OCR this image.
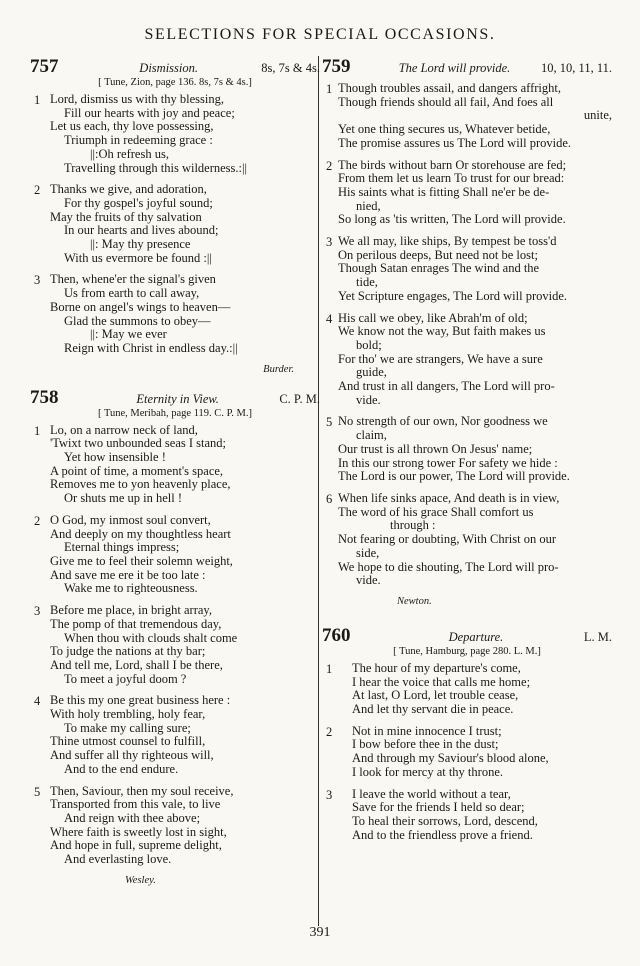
SELECTIONS FOR SPECIAL OCCASIONS.
757	Dismission.	8s, 7s & 4s.
[ Tune, Zion, page 136. 8s, 7s & 4s.]
1 Lord, dismiss us with thy blessing,
Fill our hearts with joy and peace;
Let us each, thy love possessing,
Triumph in redeeming grace :
||:Oh refresh us,
Travelling through this wilderness.:||
2 Thanks we give, and adoration,
For thy gospel's joyful sound;
May the fruits of thy salvation
In our hearts and lives abound;
||: May thy presence
With us evermore be found :||
3 Then, whene'er the signal's given
Us from earth to call away,
Borne on angel's wings to heaven—
Glad the summons to obey—
||: May we ever
Reign with Christ in endless day.:||
Burder.
758	Eternity in View.	C. P. M.
[ Tune, Meribah, page 119. C. P. M.]
1 Lo, on a narrow neck of land,
'Twixt two unbounded seas I stand;
Yet how insensible !
A point of time, a moment's space,
Removes me to yon heavenly place,
Or shuts me up in hell !
2 O God, my inmost soul convert,
And deeply on my thoughtless heart
Eternal things impress;
Give me to feel their solemn weight,
And save me ere it be too late :
Wake me to righteousness.
3 Before me place, in bright array,
The pomp of that tremendous day,
When thou with clouds shalt come
To judge the nations at thy bar;
And tell me, Lord, shall I be there,
To meet a joyful doom ?
4 Be this my one great business here :
With holy trembling, holy fear,
To make my calling sure;
Thine utmost counsel to fulfill,
And suffer all thy righteous will,
And to the end endure.
5 Then, Saviour, then my soul receive,
Transported from this vale, to live
And reign with thee above;
Where faith is sweetly lost in sight,
And hope in full, supreme delight,
And everlasting love.
Wesley.
759	The Lord will provide.	10, 10, 11, 11.
1 Though troubles assail, and dangers affright,
Though friends should all fail, And foes all
unite,
Yet one thing secures us, Whatever betide,
The promise assures us The Lord will provide.
2 The birds without barn Or storehouse are fed;
From them let us learn To trust for our bread:
His saints what is fitting Shall ne'er be de-
nied,
So long as 'tis written, The Lord will provide.
3 We all may, like ships, By tempest be toss'd
On perilous deeps, But need not be lost;
Though Satan enrages The wind and the
tide,
Yet Scripture engages, The Lord will provide.
4 His call we obey, like Abrah'm of old;
We know not the way, But faith makes us
bold;
For tho' we are strangers, We have a sure
guide,
And trust in all dangers, The Lord will pro-
vide.
5 No strength of our own, Nor goodness we
claim,
Our trust is all thrown On Jesus' name;
In this our strong tower For safety we hide :
The Lord is our power, The Lord will provide.
6 When life sinks apace, And death is in view,
The word of his grace Shall comfort us
through :
Not fearing or doubting, With Christ on our
side,
We hope to die shouting, The Lord will pro-
vide.
Newton.
760	Departure.	L. M.
[ Tune, Hamburg, page 280. L. M.]
1	The hour of my departure's come,
I hear the voice that calls me home;
At last, O Lord, let trouble cease,
And let thy servant die in peace.
2	Not in mine innocence I trust;
I bow before thee in the dust;
And through my Saviour's blood alone,
I look for mercy at thy throne.
3	I leave the world without a tear,
Save for the friends I held so dear;
To heal their sorrows, Lord, descend,
And to the friendless prove a friend.
391
